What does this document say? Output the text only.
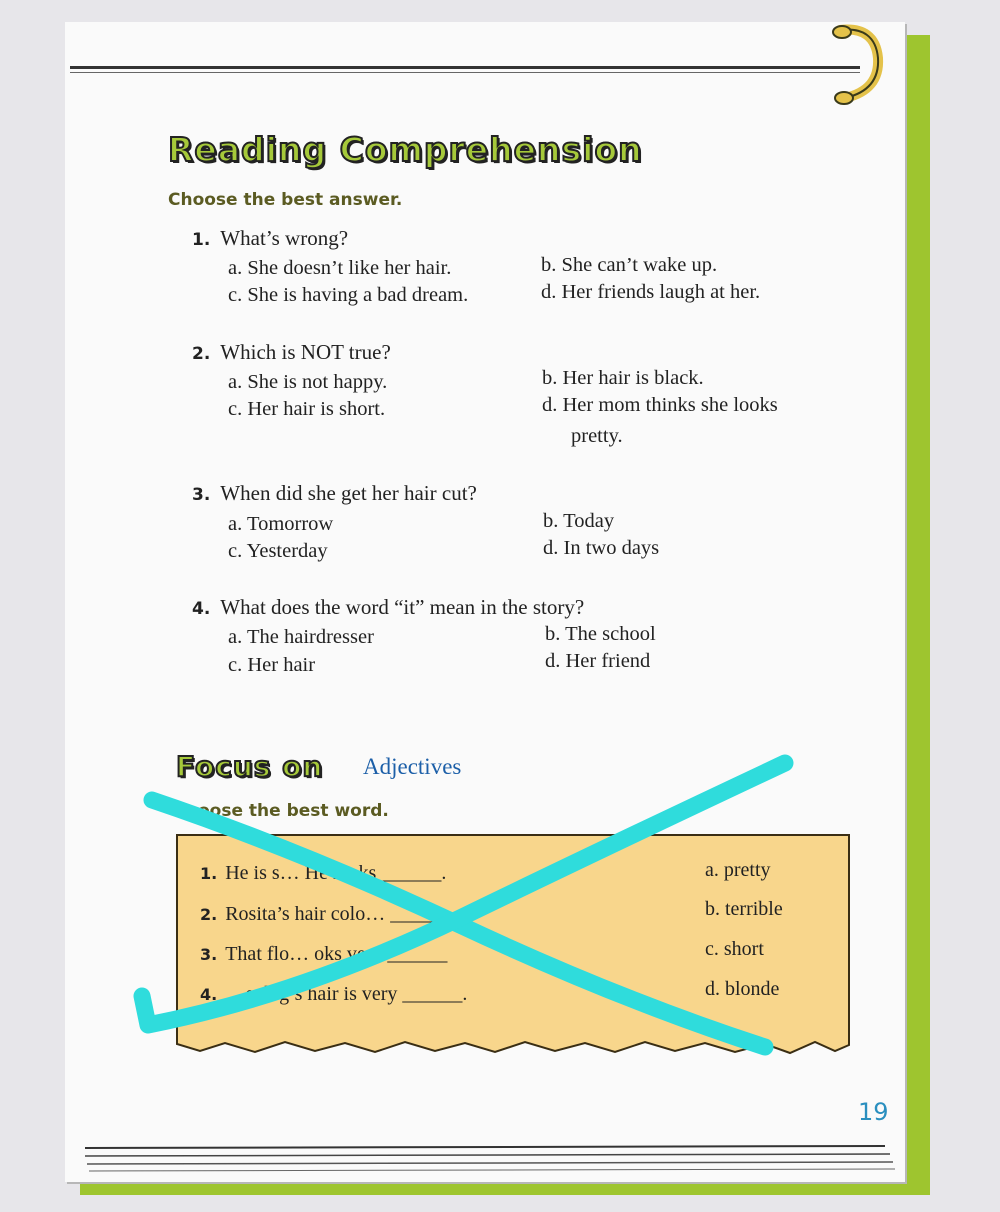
Reading Comprehension
Choose the best answer.
1. What’s wrong?
a. She doesn’t like her hair.	b. She can’t wake up.
c. She is having a bad dream.	d. Her friends laugh at her.
2. Which is NOT true?
a. She is not happy.	b. Her hair is black.
c. Her hair is short.	d. Her mom thinks she looks
pretty.
3. When did she get her hair cut?
a. Tomorrow	b. Today
c. Yesterday	d. In two days
4. What does the word “it” mean in the story?
a. The hairdresser	b. The school
c. Her hair	d. Her friend
Focus on Adjectives
oose the best word.
1. He is s… He looks ______.
2. Rosita’s hair colo… ______.
3. That flo… oks very ______
4. …e dog’s hair is very ______.
a. pretty
b. terrible
c. short
d. blonde
19
